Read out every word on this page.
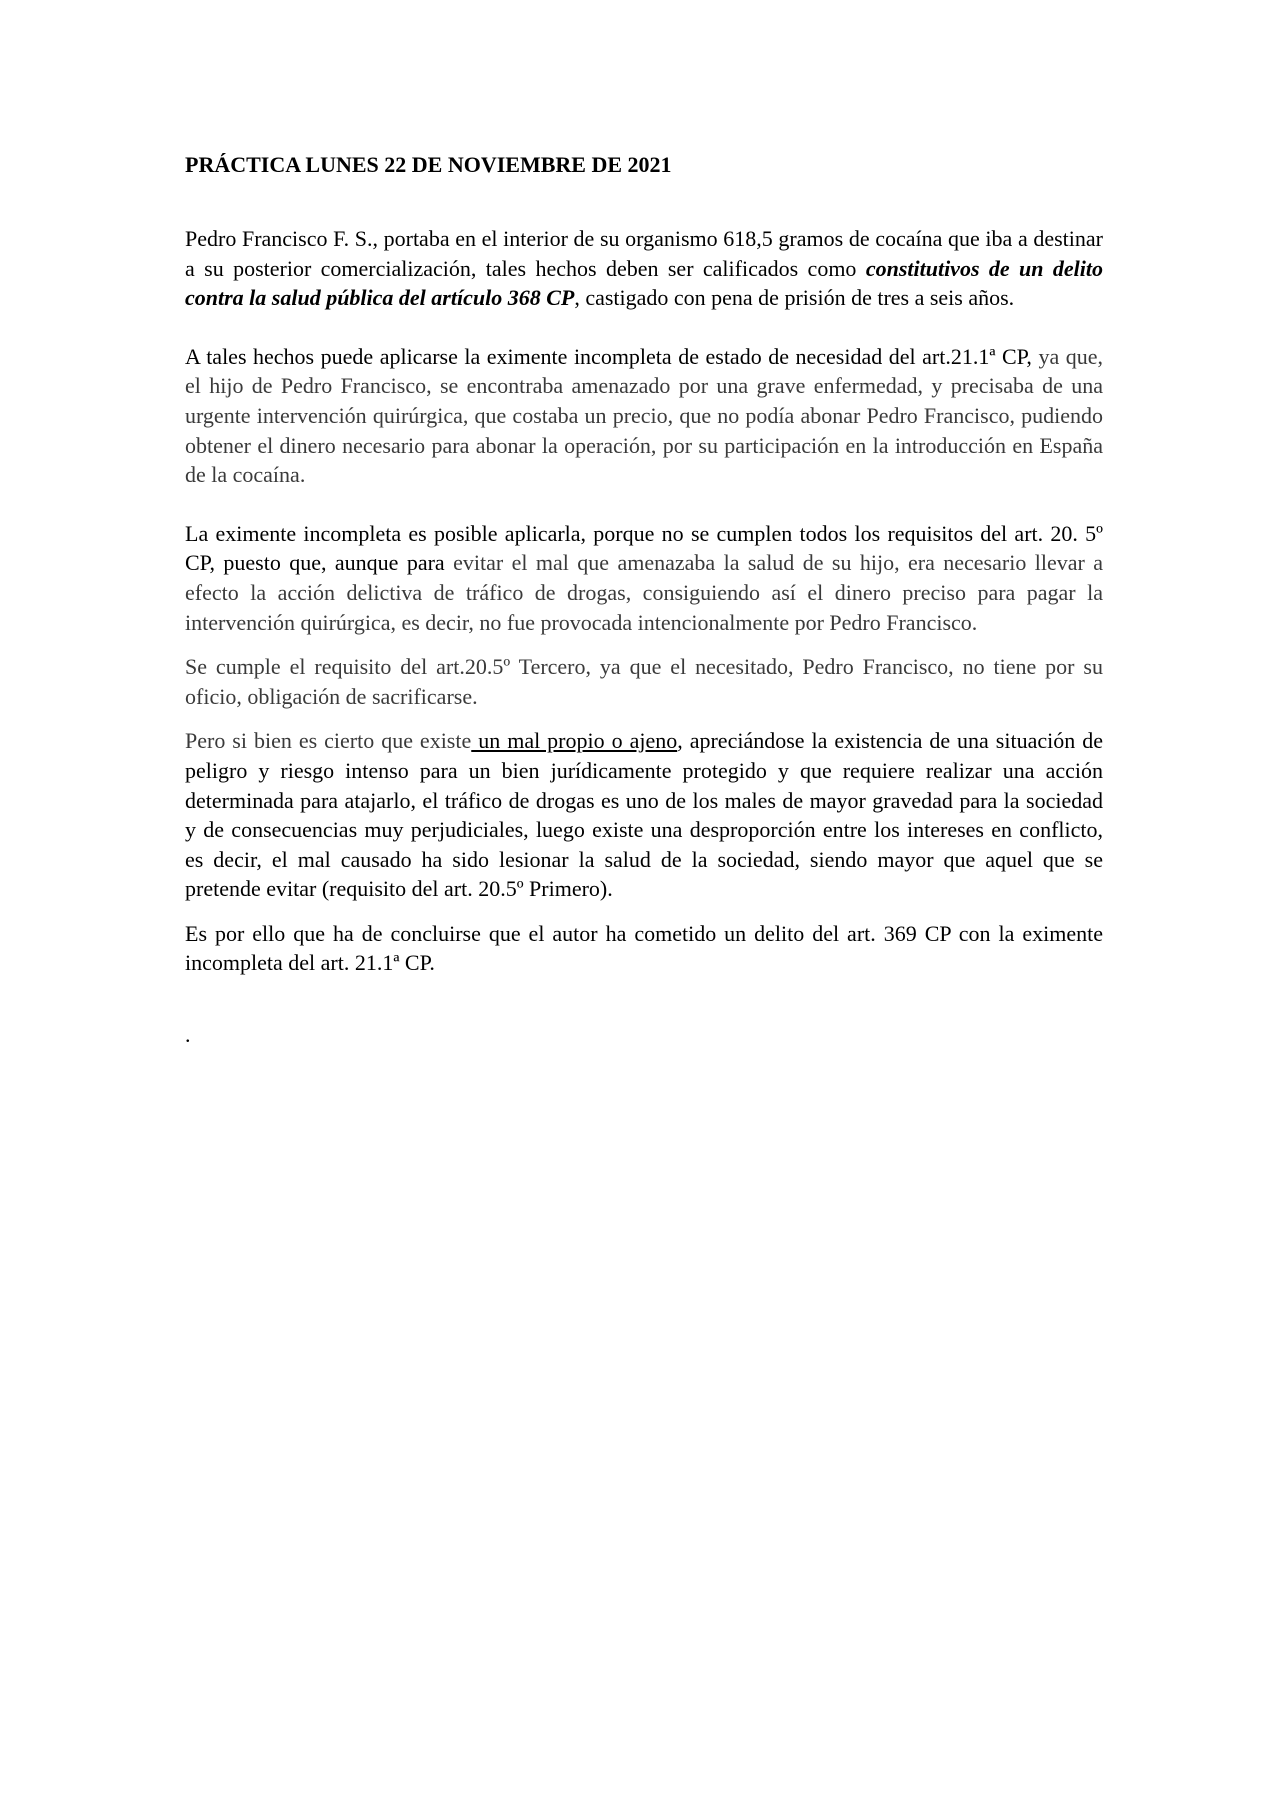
PRÁCTICA LUNES 22 DE NOVIEMBRE DE 2021

Pedro Francisco F. S., portaba en el interior de su organismo 618,5 gramos de cocaína que iba a destinar a su posterior comercialización, tales hechos deben ser calificados como constitutivos de un delito contra la salud pública del artículo 368 CP, castigado con pena de prisión de tres a seis años.

A tales hechos puede aplicarse la eximente incompleta de estado de necesidad del art.21.1ª CP, ya que, el hijo de Pedro Francisco, se encontraba amenazado por una grave enfermedad, y precisaba de una urgente intervención quirúrgica, que costaba un precio, que no podía abonar Pedro Francisco, pudiendo obtener el dinero necesario para abonar la operación, por su participación en la introducción en España de la cocaína.

La eximente incompleta es posible aplicarla, porque no se cumplen todos los requisitos del art. 20. 5º CP, puesto que, aunque para evitar el mal que amenazaba la salud de su hijo, era necesario llevar a efecto la acción delictiva de tráfico de drogas, consiguiendo así el dinero preciso para pagar la intervención quirúrgica, es decir, no fue provocada intencionalmente por Pedro Francisco.

Se cumple el requisito del art.20.5º Tercero, ya que el necesitado, Pedro Francisco, no tiene por su oficio, obligación de sacrificarse.

Pero si bien es cierto que existe un mal propio o ajeno, apreciándose la existencia de una situación de peligro y riesgo intenso para un bien jurídicamente protegido y que requiere realizar una acción determinada para atajarlo, el tráfico de drogas es uno de los males de mayor gravedad para la sociedad y de consecuencias muy perjudiciales, luego existe una desproporción entre los intereses en conflicto, es decir, el mal causado ha sido lesionar la salud de la sociedad, siendo mayor que aquel que se pretende evitar (requisito del art. 20.5º Primero).

Es por ello que ha de concluirse que el autor ha cometido un delito del art. 369 CP con la eximente incompleta del art. 21.1ª CP.

.
